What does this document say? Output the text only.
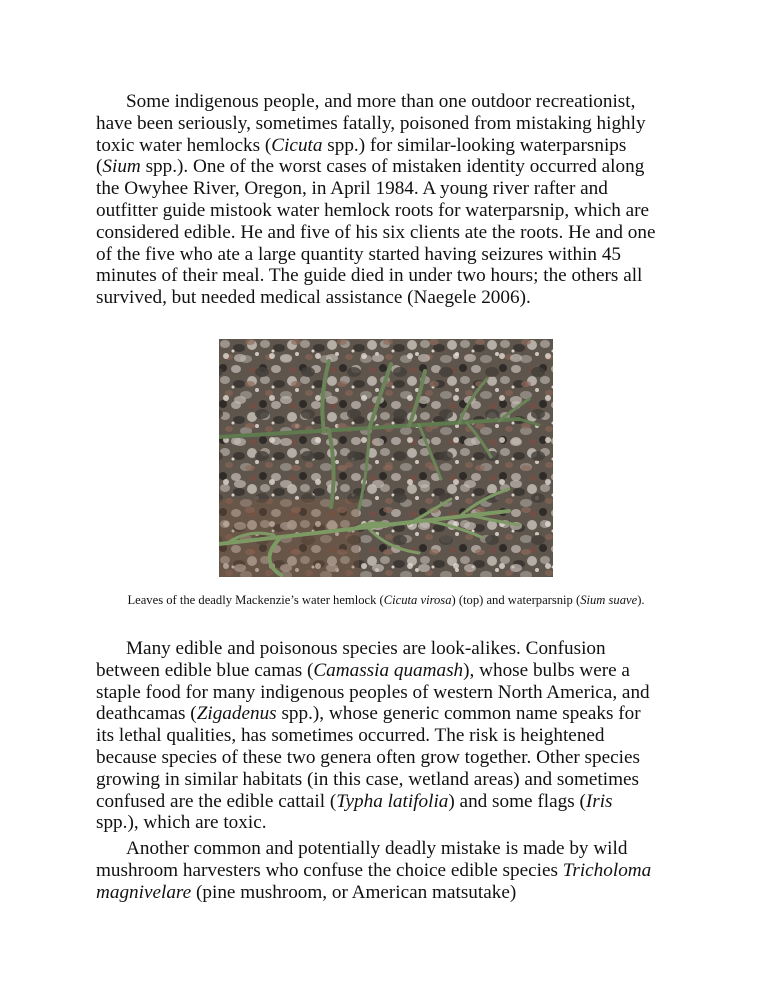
Some indigenous people, and more than one outdoor recreationist, have been seriously, sometimes fatally, poisoned from mistaking highly toxic water hemlocks (Cicuta spp.) for similar-looking waterparsnips (Sium spp.). One of the worst cases of mistaken identity occurred along the Owyhee River, Oregon, in April 1984. A young river rafter and outfitter guide mistook water hemlock roots for waterparsnip, which are considered edible. He and five of his six clients ate the roots. He and one of the five who ate a large quantity started having seizures within 45 minutes of their meal. The guide died in under two hours; the others all survived, but needed medical assistance (Naegele 2006).

Leaves of the deadly Mackenzie’s water hemlock (Cicuta virosa) (top) and waterparsnip (Sium suave).

Many edible and poisonous species are look-alikes. Confusion between edible blue camas (Camassia quamash), whose bulbs were a staple food for many indigenous peoples of western North America, and deathcamas (Zigadenus spp.), whose generic common name speaks for its lethal qualities, has sometimes occurred. The risk is heightened because species of these two genera often grow together. Other species growing in similar habitats (in this case, wetland areas) and sometimes confused are the edible cattail (Typha latifolia) and some flags (Iris spp.), which are toxic.

Another common and potentially deadly mistake is made by wild mushroom harvesters who confuse the choice edible species Tricholoma magnivelare (pine mushroom, or American matsutake)
